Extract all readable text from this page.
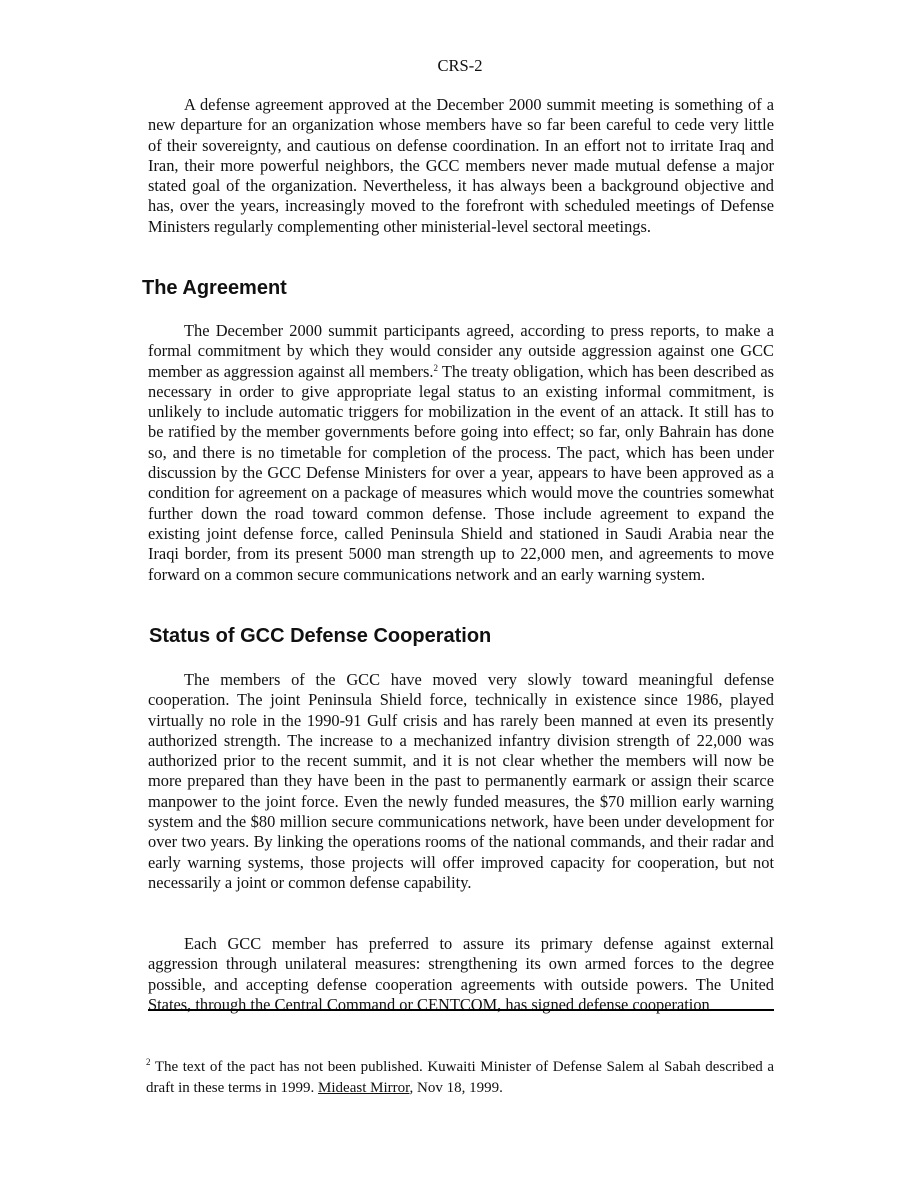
CRS-2

A defense agreement approved at the December 2000 summit meeting is something of a new departure for an organization whose members have so far been careful to cede very little of their sovereignty, and cautious on defense coordination. In an effort not to irritate Iraq and Iran, their more powerful neighbors, the GCC members never made mutual defense a major stated goal of the organization. Nevertheless, it has always been a background objective and has, over the years, increasingly moved to the forefront with scheduled meetings of Defense Ministers regularly complementing other ministerial-level sectoral meetings.

The Agreement

The December 2000 summit participants agreed, according to press reports, to make a formal commitment by which they would consider any outside aggression against one GCC member as aggression against all members.$^2$ The treaty obligation, which has been described as necessary in order to give appropriate legal status to an existing informal commitment, is unlikely to include automatic triggers for mobilization in the event of an attack. It still has to be ratified by the member governments before going into effect; so far, only Bahrain has done so, and there is no timetable for completion of the process. The pact, which has been under discussion by the GCC Defense Ministers for over a year, appears to have been approved as a condition for agreement on a package of measures which would move the countries somewhat further down the road toward common defense. Those include agreement to expand the existing joint defense force, called Peninsula Shield and stationed in Saudi Arabia near the Iraqi border, from its present 5000 man strength up to 22,000 men, and agreements to move forward on a common secure communications network and an early warning system.

Status of GCC Defense Cooperation

The members of the GCC have moved very slowly toward meaningful defense cooperation. The joint Peninsula Shield force, technically in existence since 1986, played virtually no role in the 1990-91 Gulf crisis and has rarely been manned at even its presently authorized strength. The increase to a mechanized infantry division strength of 22,000 was authorized prior to the recent summit, and it is not clear whether the members will now be more prepared than they have been in the past to permanently earmark or assign their scarce manpower to the joint force. Even the newly funded measures, the $70 million early warning system and the $80 million secure communications network, have been under development for over two years. By linking the operations rooms of the national commands, and their radar and early warning systems, those projects will offer improved capacity for cooperation, but not necessarily a joint or common defense capability.

Each GCC member has preferred to assure its primary defense against external aggression through unilateral measures: strengthening its own armed forces to the degree possible, and accepting defense cooperation agreements with outside powers. The United States, through the Central Command or CENTCOM, has signed defense cooperation

$^2$ The text of the pact has not been published. Kuwaiti Minister of Defense Salem al Sabah described a draft in these terms in 1999. Mideast Mirror, Nov 18, 1999.
